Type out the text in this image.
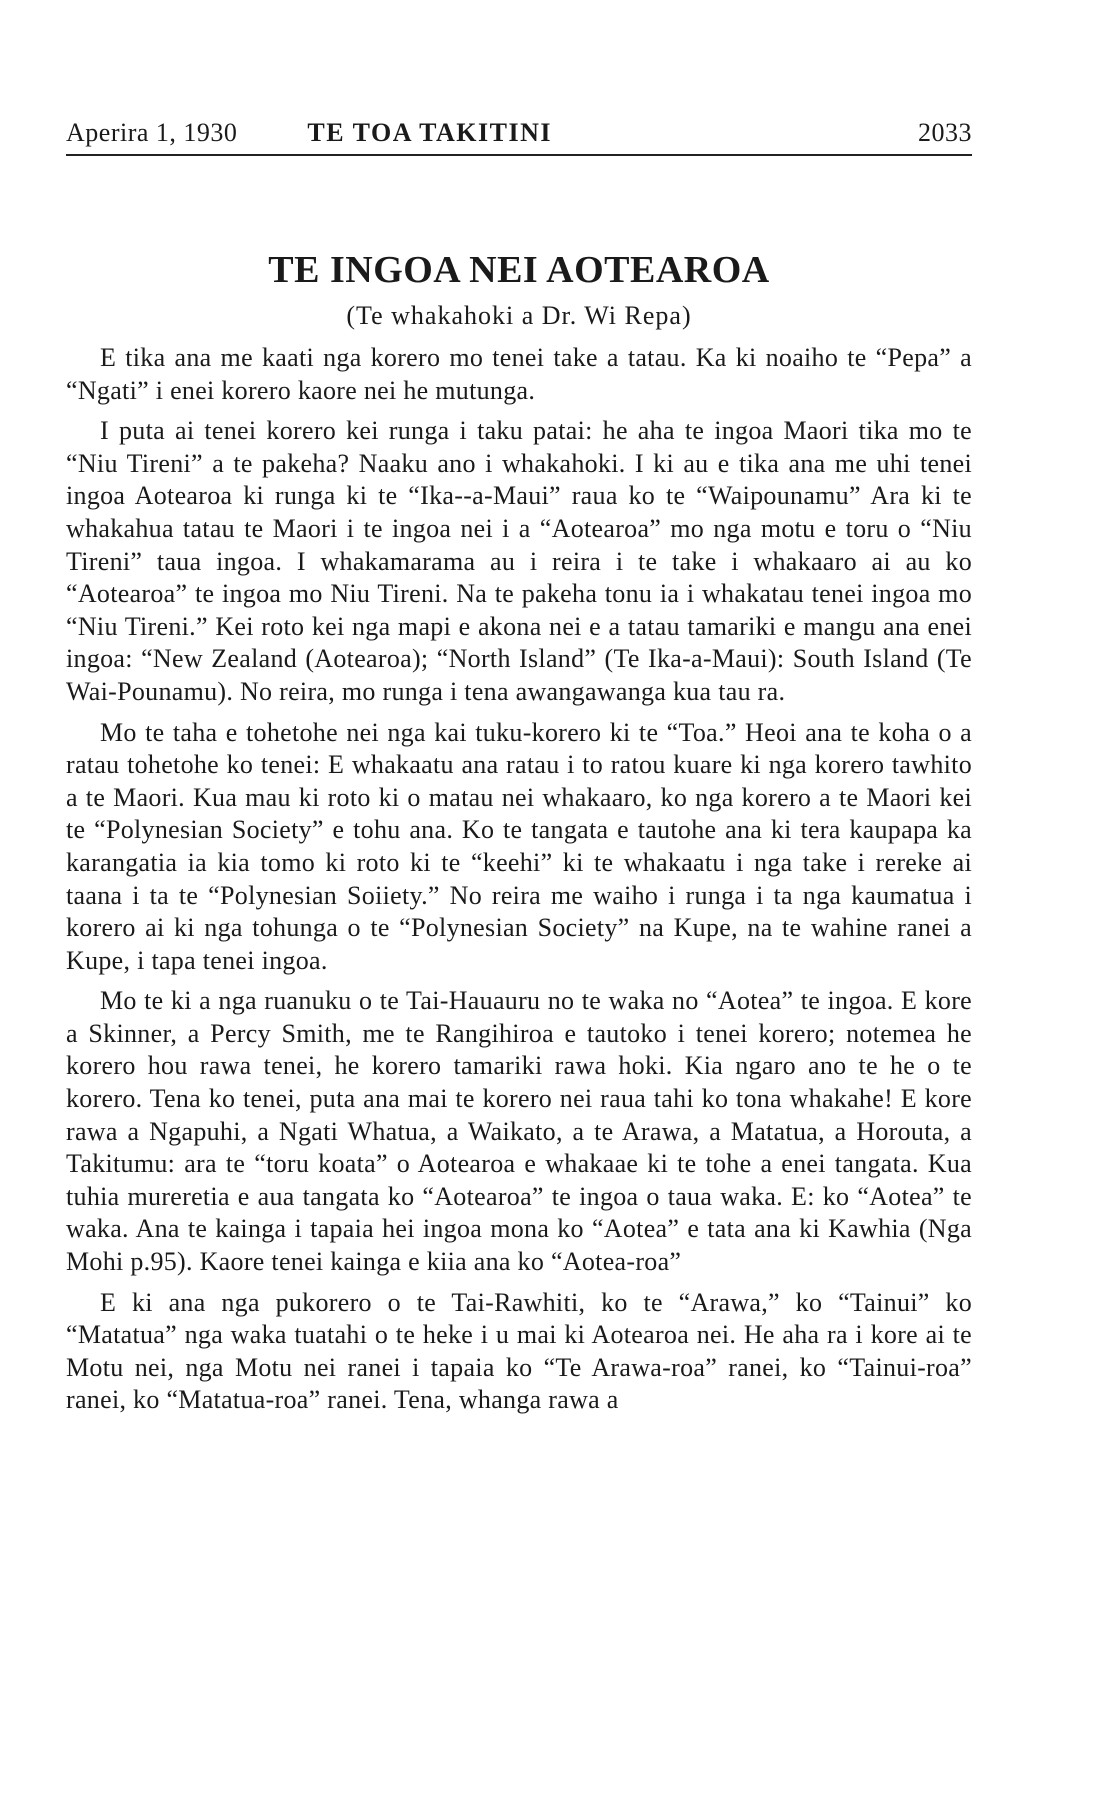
Aperira 1, 1930	TE TOA TAKITINI	2033
TE INGOA NEI AOTEAROA
(Te whakahoki a Dr. Wi Repa)

E tika ana me kaati nga korero mo tenei take a tatau. Ka ki noaiho te “Pepa” a “Ngati” i enei korero kaore nei he mutunga.

I puta ai tenei korero kei runga i taku patai: he aha te ingoa Maori tika mo te “Niu Tireni” a te pakeha? Naaku ano i whakahoki. I ki au e tika ana me uhi tenei ingoa Aotearoa ki runga ki te “Ika--a-Maui” raua ko te “Waipounamu” Ara ki te whakahua tatau te Maori i te ingoa nei i a “Aotearoa” mo nga motu e toru o “Niu Tireni” taua ingoa. I whakamarama au i reira i te take i whakaaro ai au ko “Aotearoa” te ingoa mo Niu Tireni. Na te pakeha tonu ia i whakatau tenei ingoa mo “Niu Tireni.” Kei roto kei nga mapi e akona nei e a tatau tamariki e mangu ana enei ingoa: “New Zealand (Aotearoa); “North Island” (Te Ika-a-Maui): South Island (Te Wai-Pounamu). No reira, mo runga i tena awangawanga kua tau ra.

Mo te taha e tohetohe nei nga kai tuku-korero ki te “Toa.” Heoi ana te koha o a ratau tohetohe ko tenei: E whakaatu ana ratau i to ratou kuare ki nga korero tawhito a te Maori. Kua mau ki roto ki o matau nei whakaaro, ko nga korero a te Maori kei te “Polynesian Society” e tohu ana. Ko te tangata e tautohe ana ki tera kaupapa ka karangatia ia kia tomo ki roto ki te “keehi” ki te whakaatu i nga take i rereke ai taana i ta te “Polynesian Soiiety.” No reira me waiho i runga i ta nga kaumatua i korero ai ki nga tohunga o te “Polynesian Society” na Kupe, na te wahine ranei a Kupe, i tapa tenei ingoa.

Mo te ki a nga ruanuku o te Tai-Hauauru no te waka no “Aotea” te ingoa. E kore a Skinner, a Percy Smith, me te Rangihiroa e tautoko i tenei korero; notemea he korero hou rawa tenei, he korero tamariki rawa hoki. Kia ngaro ano te he o te korero. Tena ko tenei, puta ana mai te korero nei raua tahi ko tona whakahe! E kore rawa a Ngapuhi, a Ngati Whatua, a Waikato, a te Arawa, a Matatua, a Horouta, a Takitumu: ara te “toru koata” o Aotearoa e whakaae ki te tohe a enei tangata. Kua tuhia mureretia e aua tangata ko “Aotearoa” te ingoa o taua waka. E: ko “Aotea” te waka. Ana te kainga i tapaia hei ingoa mona ko “Aotea” e tata ana ki Kawhia (Nga Mohi p.95). Kaore tenei kainga e kiia ana ko “Aotea-roa”

E ki ana nga pukorero o te Tai-Rawhiti, ko te “Arawa,” ko “Tainui” ko “Matatua” nga waka tuatahi o te heke i u mai ki Aotearoa nei. He aha ra i kore ai te Motu nei, nga Motu nei ranei i tapaia ko “Te Arawa-roa” ranei, ko “Tainui-roa” ranei, ko “Matatua-roa” ranei. Tena, whanga rawa a
